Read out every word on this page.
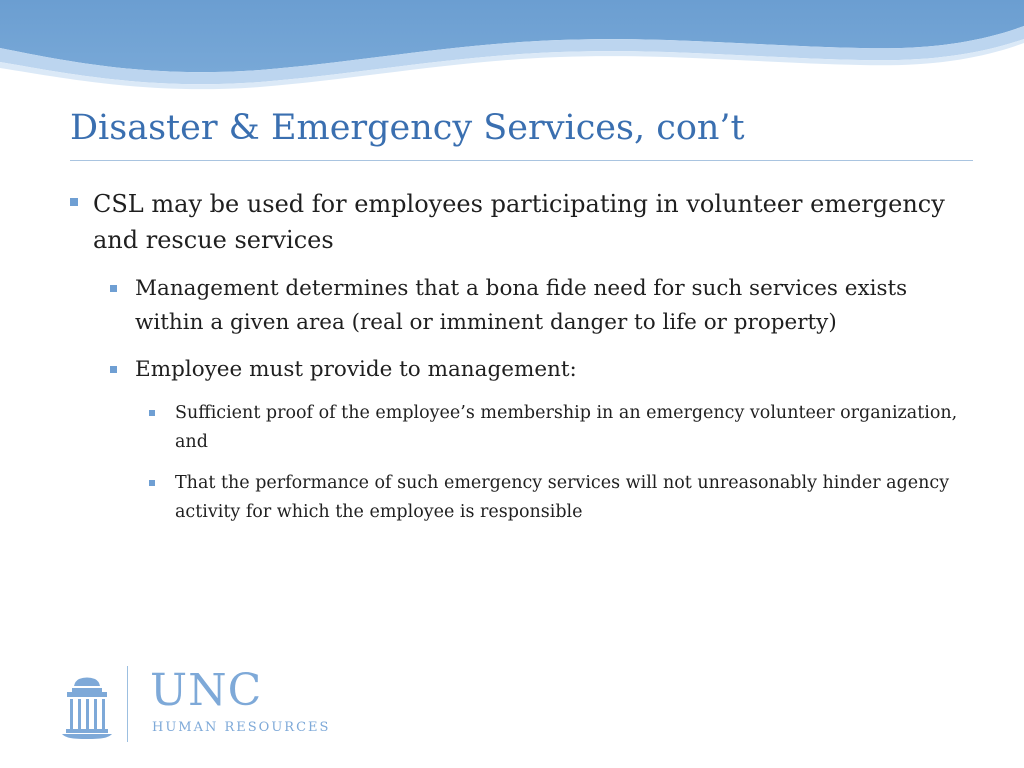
Disaster & Emergency Services, con’t
CSL may be used for employees participating in volunteer emergency and rescue services
Management determines that a bona fide need for such services exists within a given area (real or imminent danger to life or property)
Employee must provide to management:
Sufficient proof of the employee’s membership in an emergency volunteer organization, and
That the performance of such emergency services will not unreasonably hinder agency activity for which the employee is responsible
UNC
HUMAN RESOURCES
